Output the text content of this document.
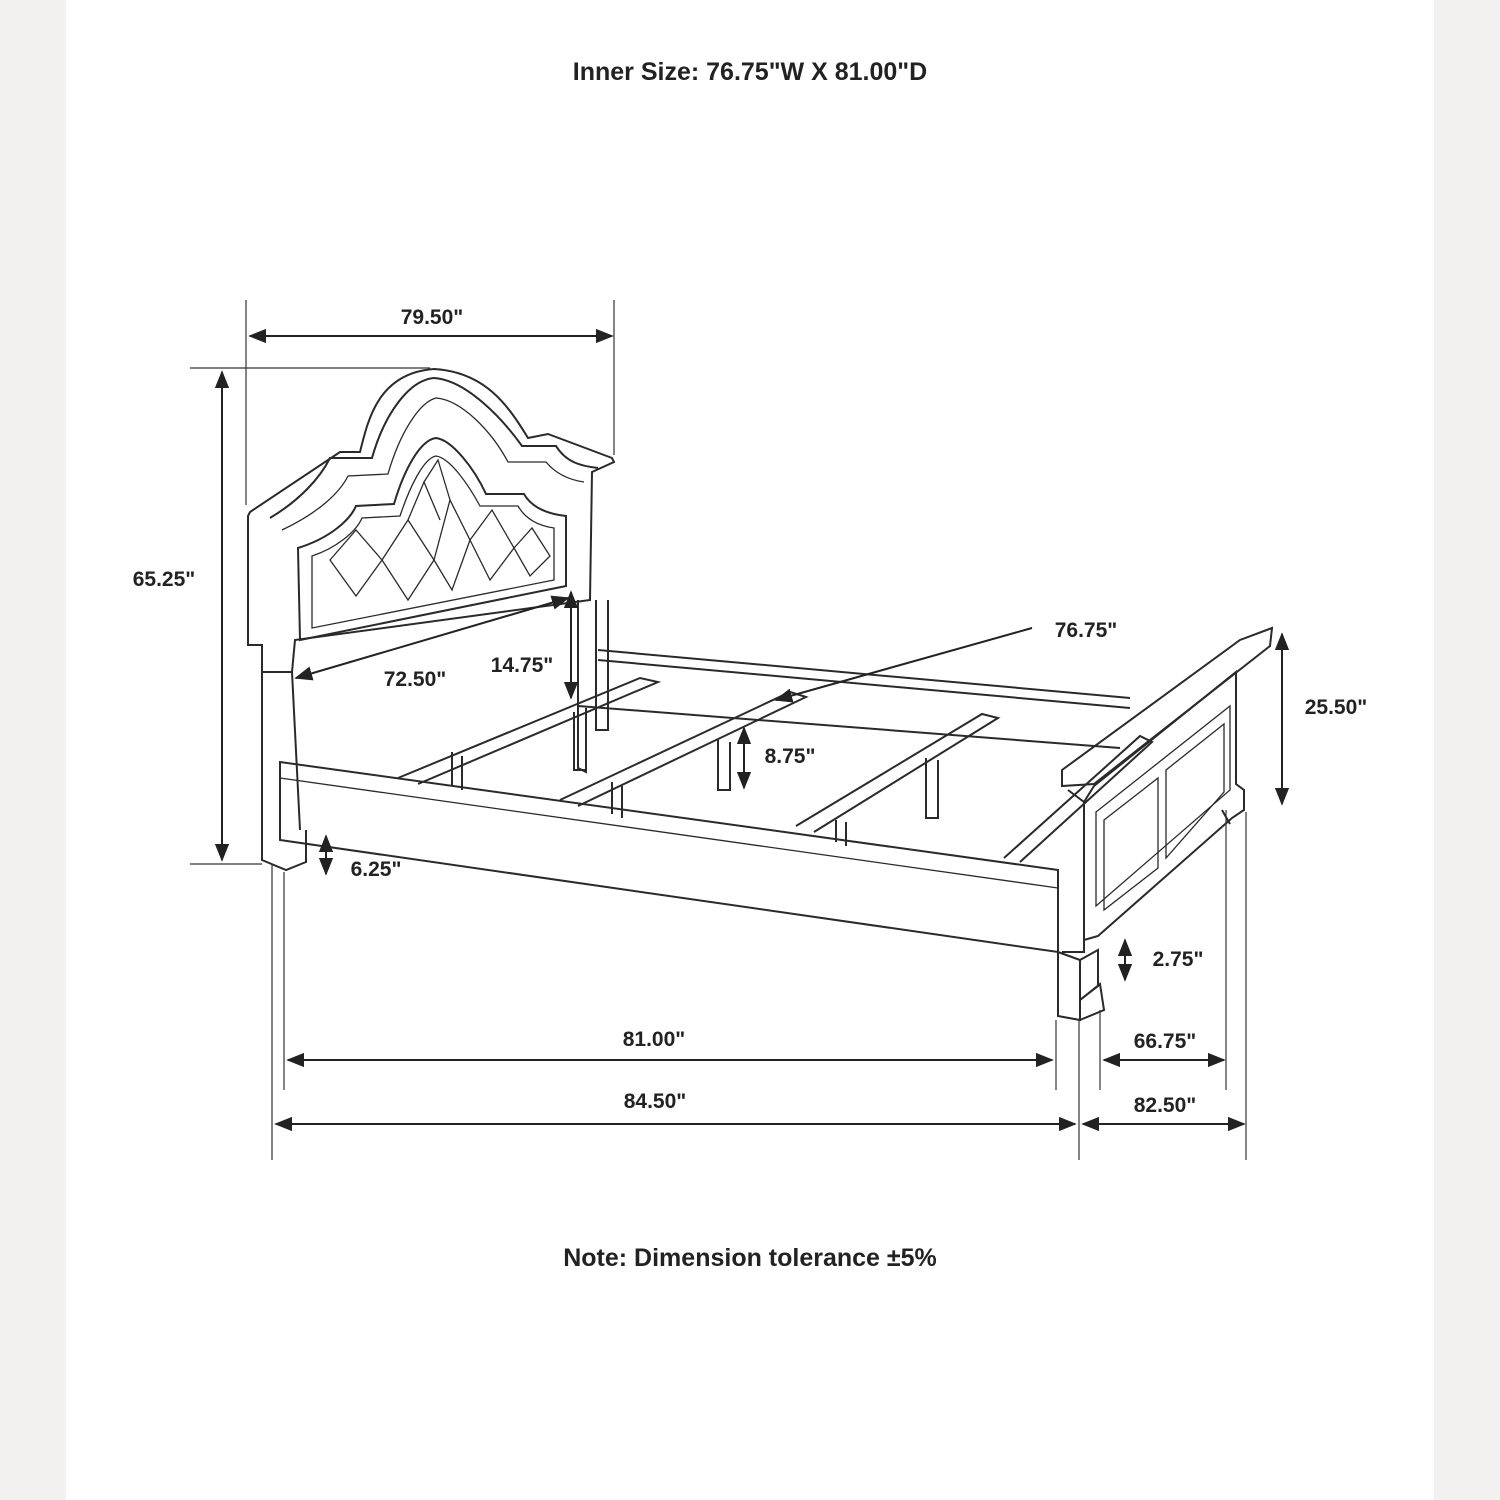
Inner Size: 76.75"W X 81.00"D
79.50"
65.25"
72.50"
14.75"
76.75"
25.50"
8.75"
6.25"
2.75"
81.00"
84.50"
66.75"
82.50"
Note: Dimension tolerance ±5%
